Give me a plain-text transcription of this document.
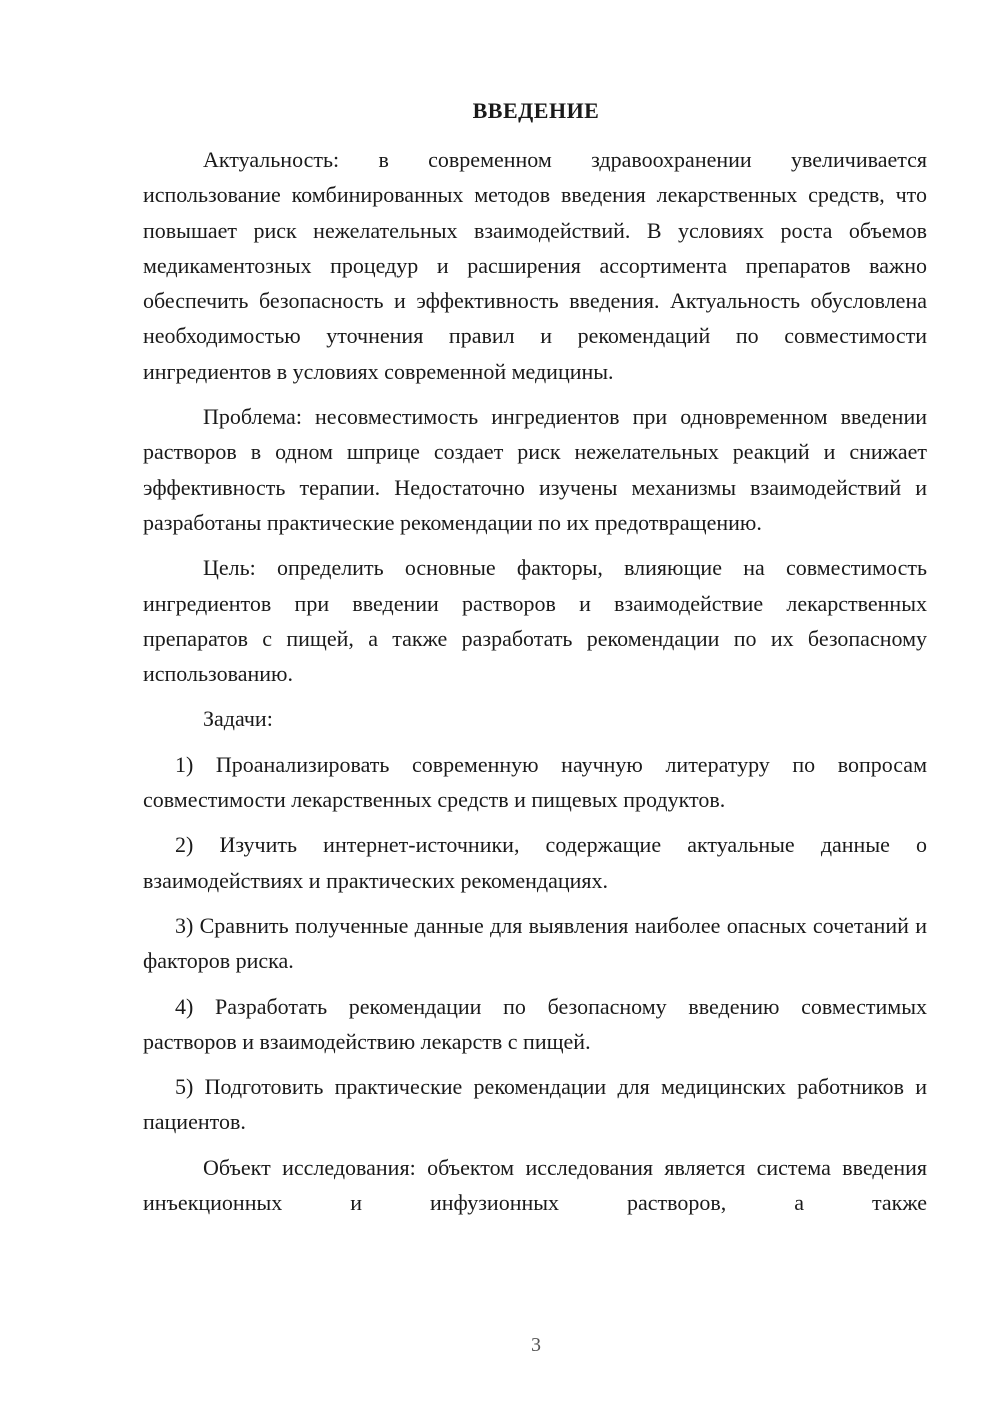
ВВЕДЕНИЕ

Актуальность: в современном здравоохранении увеличивается использование комбинированных методов введения лекарственных средств, что повышает риск нежелательных взаимодействий. В условиях роста объемов медикаментозных процедур и расширения ассортимента препаратов важно обеспечить безопасность и эффективность введения. Актуальность обусловлена необходимостью уточнения правил и рекомендаций по совместимости ингредиентов в условиях современной медицины.

Проблема: несовместимость ингредиентов при одновременном введении растворов в одном шприце создает риск нежелательных реакций и снижает эффективность терапии. Недостаточно изучены механизмы взаимодействий и разработаны практические рекомендации по их предотвращению.

Цель: определить основные факторы, влияющие на совместимость ингредиентов при введении растворов и взаимодействие лекарственных препаратов с пищей, а также разработать рекомендации по их безопасному использованию.

Задачи:

1) Проанализировать современную научную литературу по вопросам совместимости лекарственных средств и пищевых продуктов.

2) Изучить интернет-источники, содержащие актуальные данные о взаимодействиях и практических рекомендациях.

3) Сравнить полученные данные для выявления наиболее опасных сочетаний и факторов риска.

4) Разработать рекомендации по безопасному введению совместимых растворов и взаимодействию лекарств с пищей.

5) Подготовить практические рекомендации для медицинских работников и пациентов.

Объект исследования: объектом исследования является система введения инъекционных и инфузионных растворов, а также

3
